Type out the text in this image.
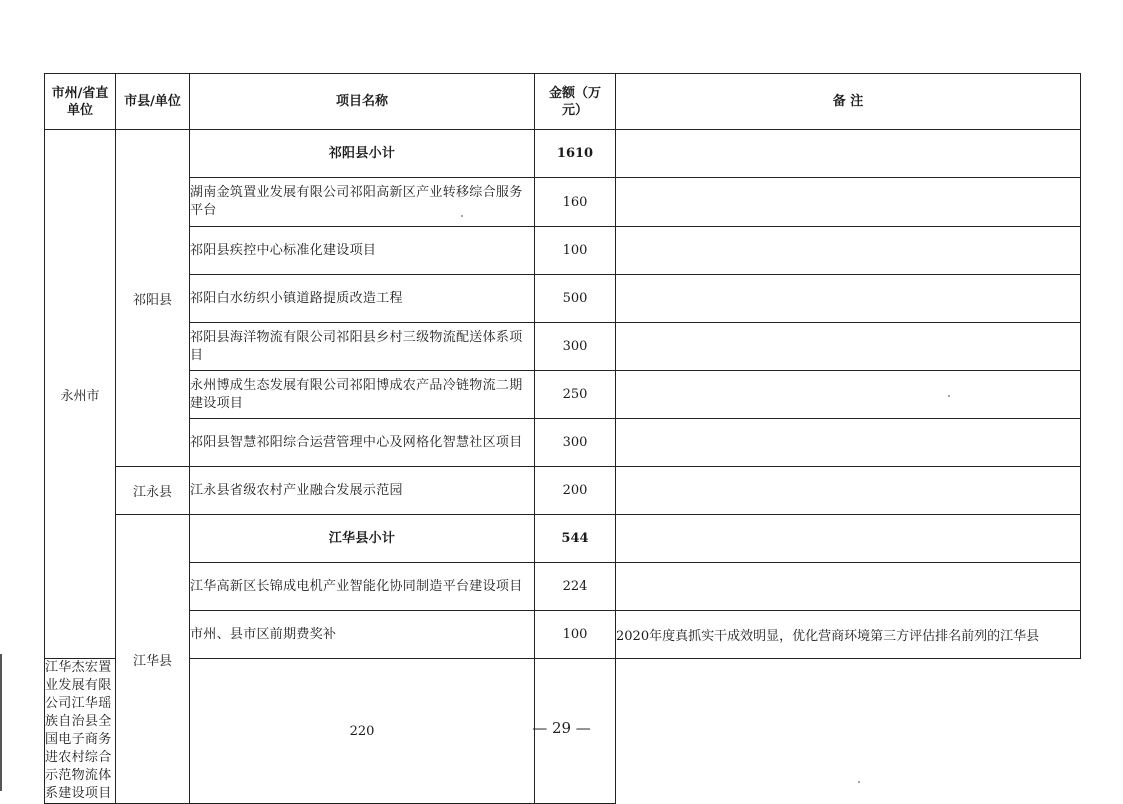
市州/省直单位	市县/单位	项目名称	金额（万元）	备 注
永州市	祁阳县	祁阳县小计	1610	
		湖南金筑置业发展有限公司祁阳高新区产业转移综合服务平台	160	
		祁阳县疾控中心标准化建设项目	100	
		祁阳白水纺织小镇道路提质改造工程	500	
		祁阳县海洋物流有限公司祁阳县乡村三级物流配送体系项目	300	
		永州博成生态发展有限公司祁阳博成农产品冷链物流二期建设项目	250	
		祁阳县智慧祁阳综合运营管理中心及网格化智慧社区项目	300	
	江永县	江永县省级农村产业融合发展示范园	200	
	江华县	江华县小计	544	
		江华高新区长锦成电机产业智能化协同制造平台建设项目	224	
		市州、县市区前期费奖补	100	2020年度真抓实干成效明显，优化营商环境第三方评估排名前列的江华县
江华杰宏置业发展有限公司江华瑶族自治县全国电子商务进农村综合示范物流体系建设项目		220			— 29 —
